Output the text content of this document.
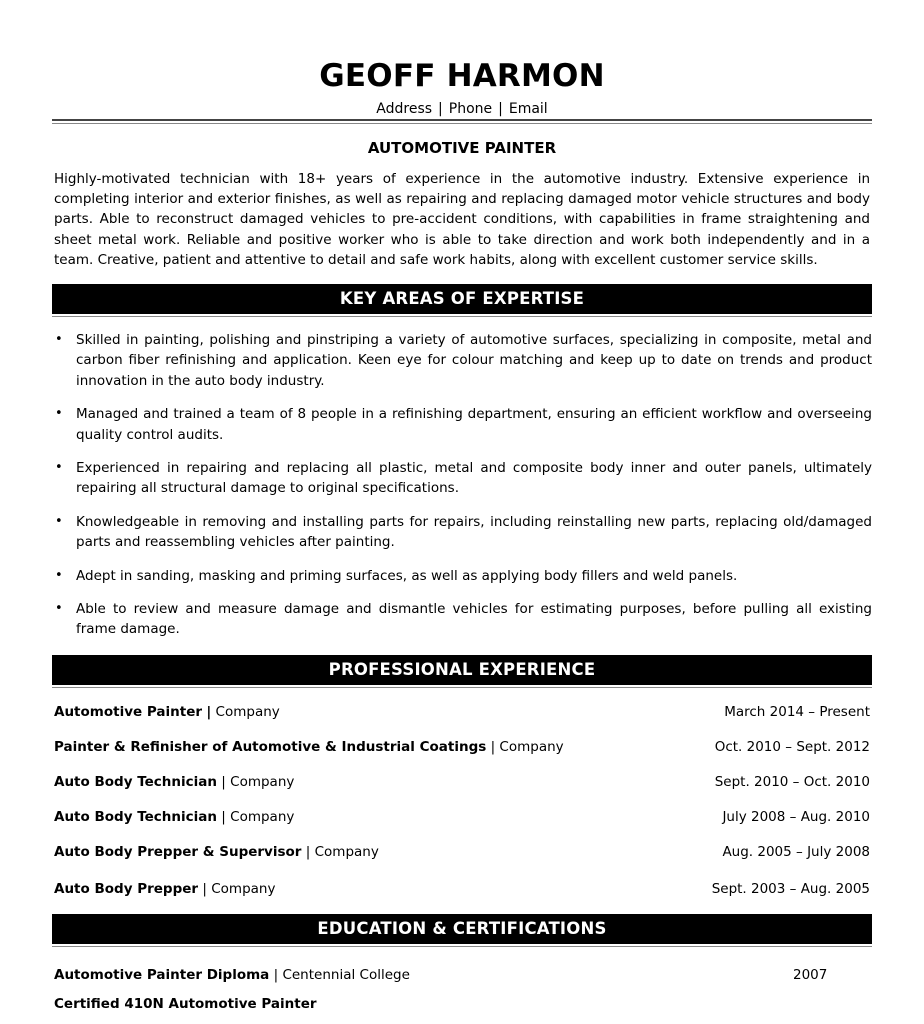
GEOFF HARMON
Address | Phone | Email
AUTOMOTIVE PAINTER
Highly-motivated technician with 18+ years of experience in the automotive industry. Extensive experience in completing interior and exterior finishes, as well as repairing and replacing damaged motor vehicle structures and body parts. Able to reconstruct damaged vehicles to pre-accident conditions, with capabilities in frame straightening and sheet metal work. Reliable and positive worker who is able to take direction and work both independently and in a team. Creative, patient and attentive to detail and safe work habits, along with excellent customer service skills.
KEY AREAS OF EXPERTISE
• Skilled in painting, polishing and pinstriping a variety of automotive surfaces, specializing in composite, metal and carbon fiber refinishing and application. Keen eye for colour matching and keep up to date on trends and product innovation in the auto body industry.
• Managed and trained a team of 8 people in a refinishing department, ensuring an efficient workflow and overseeing quality control audits.
• Experienced in repairing and replacing all plastic, metal and composite body inner and outer panels, ultimately repairing all structural damage to original specifications.
• Knowledgeable in removing and installing parts for repairs, including reinstalling new parts, replacing old/damaged parts and reassembling vehicles after painting.
• Adept in sanding, masking and priming surfaces, as well as applying body fillers and weld panels.
• Able to review and measure damage and dismantle vehicles for estimating purposes, before pulling all existing frame damage.
PROFESSIONAL EXPERIENCE
Automotive Painter | Company	March 2014 – Present
Painter & Refinisher of Automotive & Industrial Coatings | Company	Oct. 2010 – Sept. 2012
Auto Body Technician | Company	Sept. 2010 – Oct. 2010
Auto Body Technician | Company	July 2008 – Aug. 2010
Auto Body Prepper & Supervisor | Company	Aug. 2005 – July 2008
Auto Body Prepper | Company	Sept. 2003 – Aug. 2005
EDUCATION & CERTIFICATIONS
Automotive Painter Diploma | Centennial College	2007
Certified 410N Automotive Painter
